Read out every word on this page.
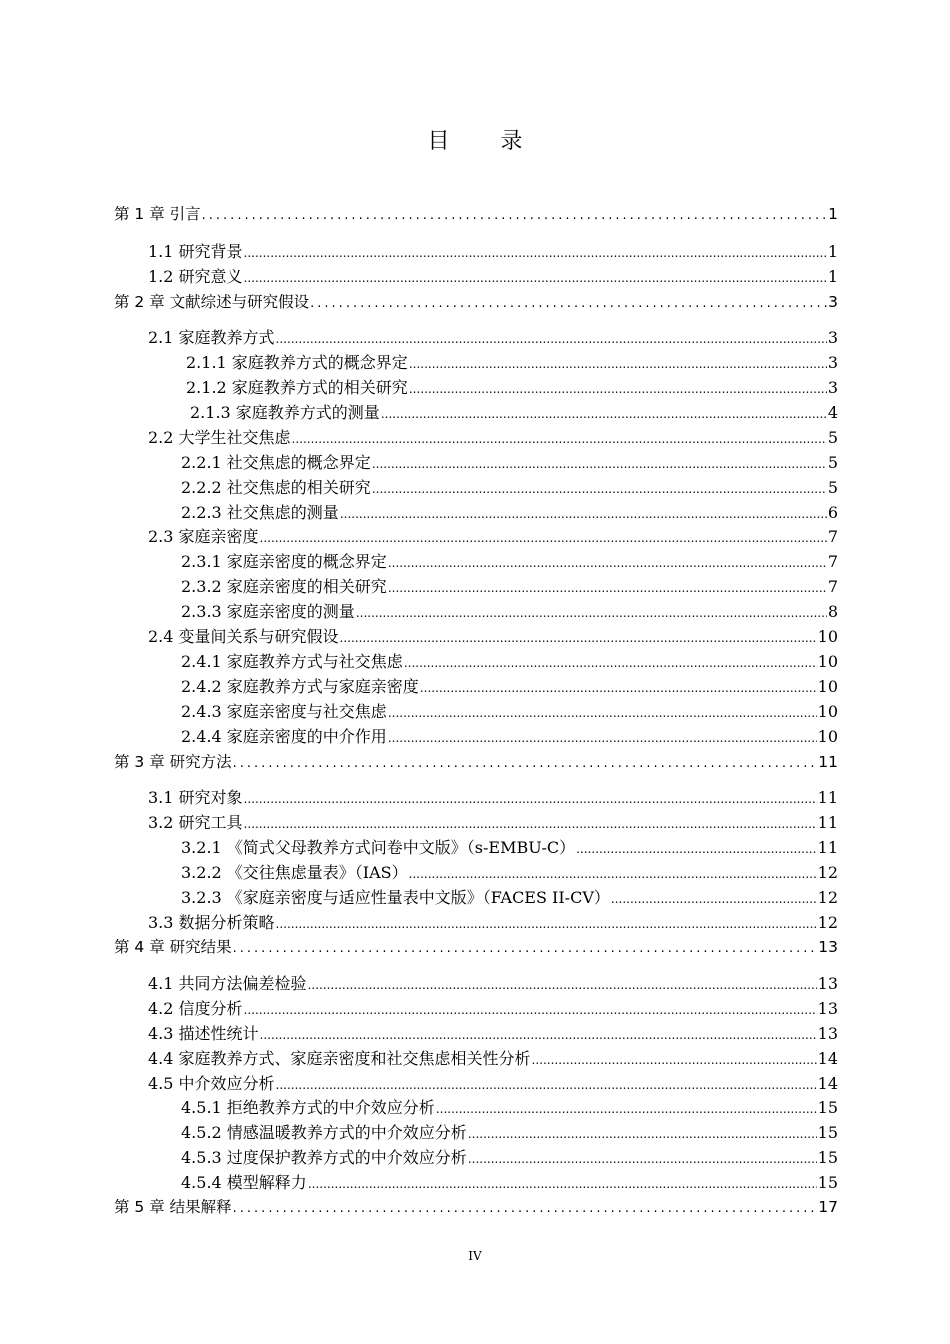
目 录
第 1 章 引言 .....	1
1.1 研究背景 .....	1
1.2 研究意义 .....	1
第 2 章 文献综述与研究假设 .....	3
2.1 家庭教养方式 .....	3
2.1.1 家庭教养方式的概念界定 .....	3
2.1.2 家庭教养方式的相关研究 .....	3
2.1.3 家庭教养方式的测量 .....	4
2.2 大学生社交焦虑 .....	5
2.2.1 社交焦虑的概念界定 .....	5
2.2.2 社交焦虑的相关研究 .....	5
2.2.3 社交焦虑的测量 .....	6
2.3 家庭亲密度 .....	7
2.3.1 家庭亲密度的概念界定 .....	7
2.3.2 家庭亲密度的相关研究 .....	7
2.3.3 家庭亲密度的测量 .....	8
2.4 变量间关系与研究假设 .....	10
2.4.1 家庭教养方式与社交焦虑 .....	10
2.4.2 家庭教养方式与家庭亲密度 .....	10
2.4.3 家庭亲密度与社交焦虑 .....	10
2.4.4 家庭亲密度的中介作用 .....	10
第 3 章 研究方法 .....	11
3.1 研究对象 .....	11
3.2 研究工具 .....	11
3.2.1 《简式父母教养方式问卷中文版》（s-EMBU-C） .....	11
3.2.2 《交往焦虑量表》（IAS） .....	12
3.2.3 《家庭亲密度与适应性量表中文版》（FACES II-CV） .....	12
3.3 数据分析策略 .....	12
第 4 章 研究结果 .....	13
4.1 共同方法偏差检验 .....	13
4.2 信度分析 .....	13
4.3 描述性统计 .....	13
4.4 家庭教养方式、家庭亲密度和社交焦虑相关性分析 .....	14
4.5 中介效应分析 .....	14
4.5.1 拒绝教养方式的中介效应分析 .....	15
4.5.2 情感温暖教养方式的中介效应分析 .....	15
4.5.3 过度保护教养方式的中介效应分析 .....	15
4.5.4 模型解释力 .....	15
第 5 章 结果解释 .....	17
IV
